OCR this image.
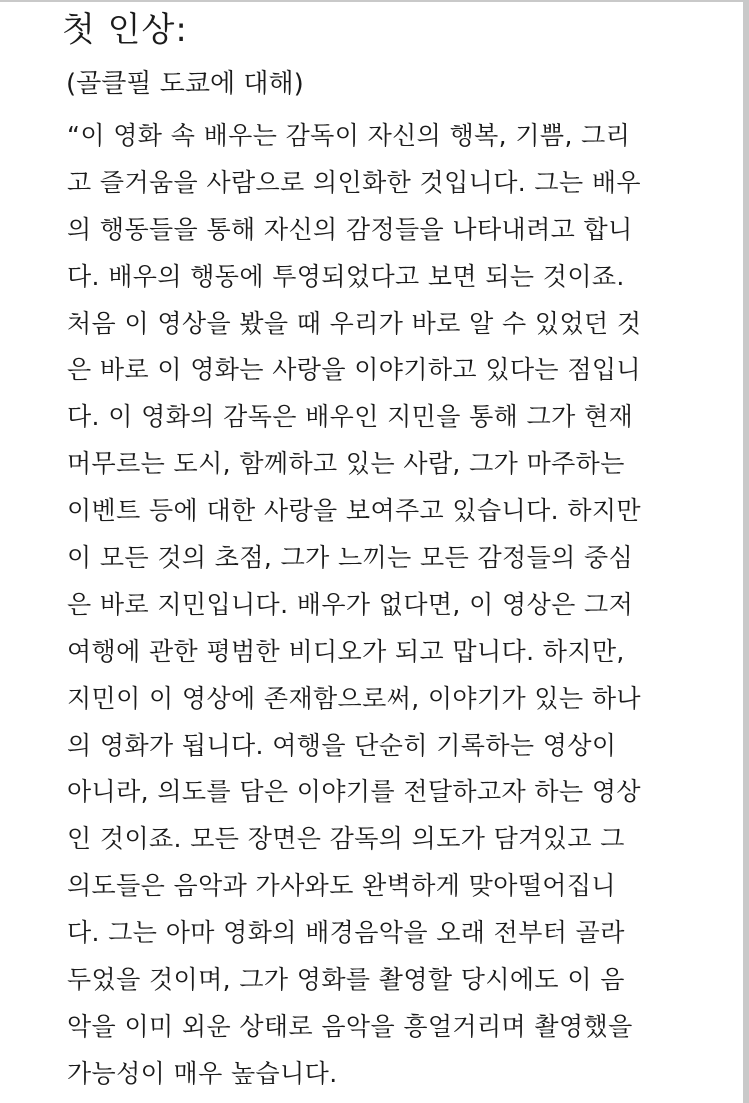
첫 인상:
(골클필 도쿄에 대해)
“이 영화 속 배우는 감독이 자신의 행복, 기쁨, 그리
고 즐거움을 사람으로 의인화한 것입니다. 그는 배우
의 행동들을 통해 자신의 감정들을 나타내려고 합니
다. 배우의 행동에 투영되었다고 보면 되는 것이죠.
처음 이 영상을 봤을 때 우리가 바로 알 수 있었던 것
은 바로 이 영화는 사랑을 이야기하고 있다는 점입니
다. 이 영화의 감독은 배우인 지민을 통해 그가 현재
머무르는 도시, 함께하고 있는 사람, 그가 마주하는
이벤트 등에 대한 사랑을 보여주고 있습니다. 하지만
이 모든 것의 초점, 그가 느끼는 모든 감정들의 중심
은 바로 지민입니다. 배우가 없다면, 이 영상은 그저
여행에 관한 평범한 비디오가 되고 맙니다. 하지만,
지민이 이 영상에 존재함으로써, 이야기가 있는 하나
의 영화가 됩니다. 여행을 단순히 기록하는 영상이
아니라, 의도를 담은 이야기를 전달하고자 하는 영상
인 것이죠. 모든 장면은 감독의 의도가 담겨있고 그
의도들은 음악과 가사와도 완벽하게 맞아떨어집니
다. 그는 아마 영화의 배경음악을 오래 전부터 골라
두었을 것이며, 그가 영화를 촬영할 당시에도 이 음
악을 이미 외운 상태로 음악을 흥얼거리며 촬영했을
가능성이 매우 높습니다.
